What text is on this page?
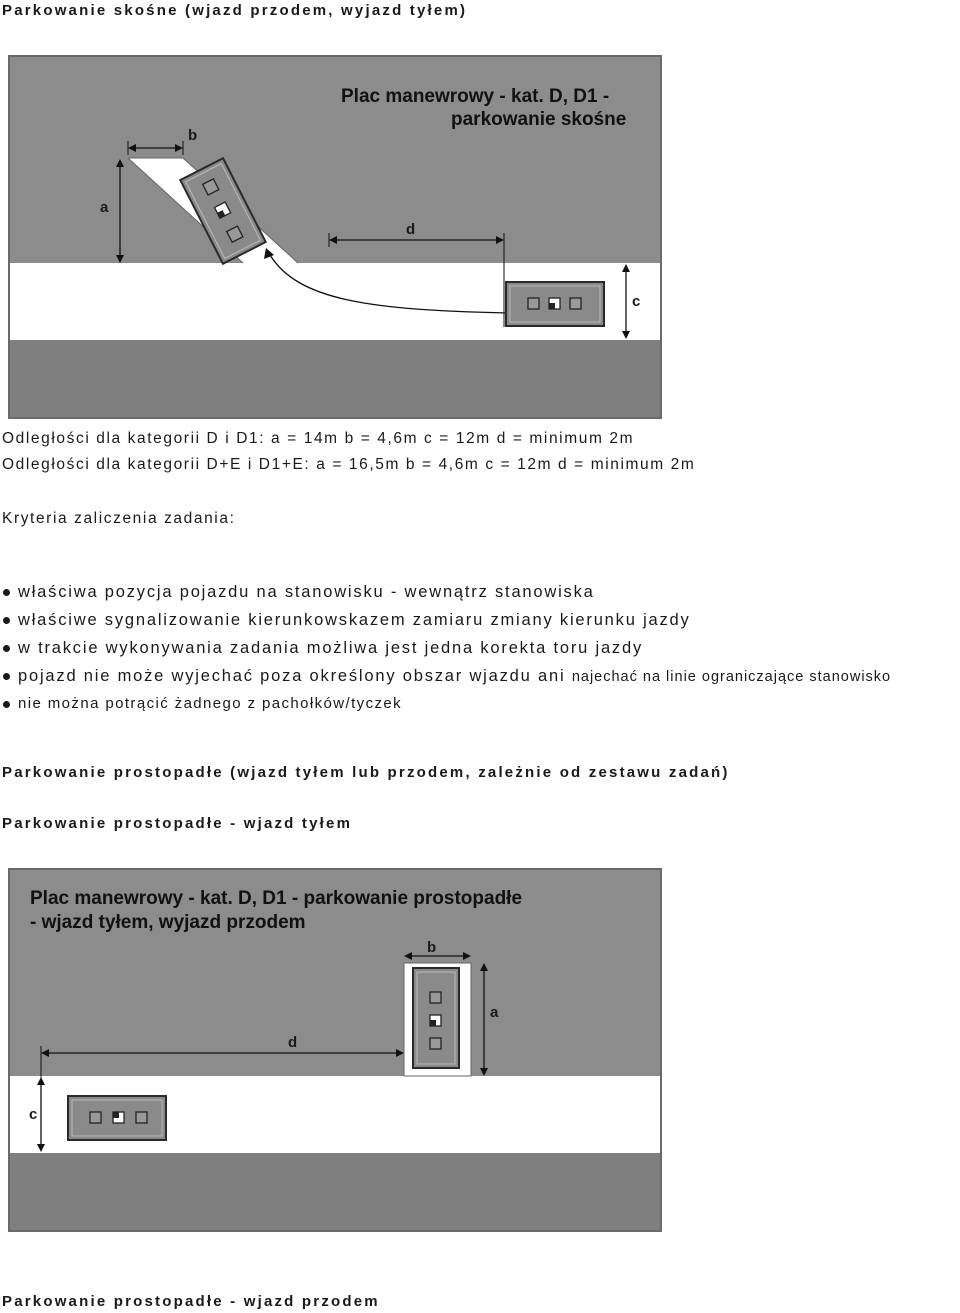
Parkowanie skośne (wjazd przodem, wyjazd tyłem)
a
b
d
c
Plac manewrowy - kat. D, D1 -
parkowanie skośne
Odległości dla kategorii D i D1: a = 14m b = 4,6m c = 12m d = minimum 2m
Odległości dla kategorii D+E i D1+E: a = 16,5m b = 4,6m c = 12m d = minimum 2m
Kryteria zaliczenia zadania:
właściwa pozycja pojazdu na stanowisku - wewnątrz stanowiska
właściwe sygnalizowanie kierunkowskazem zamiaru zmiany kierunku jazdy
w trakcie wykonywania zadania możliwa jest jedna korekta toru jazdy
pojazd nie może wyjechać poza określony obszar wjazdu ani najechać na linie ograniczające stanowisko
nie można potrącić żadnego z pachołków/tyczek
Parkowanie prostopadłe (wjazd tyłem lub przodem, zależnie od zestawu zadań)
Parkowanie prostopadłe - wjazd tyłem
b
a
d
c
Plac manewrowy - kat. D, D1 - parkowanie prostopadłe
- wjazd tyłem, wyjazd przodem
Parkowanie prostopadłe - wjazd przodem
